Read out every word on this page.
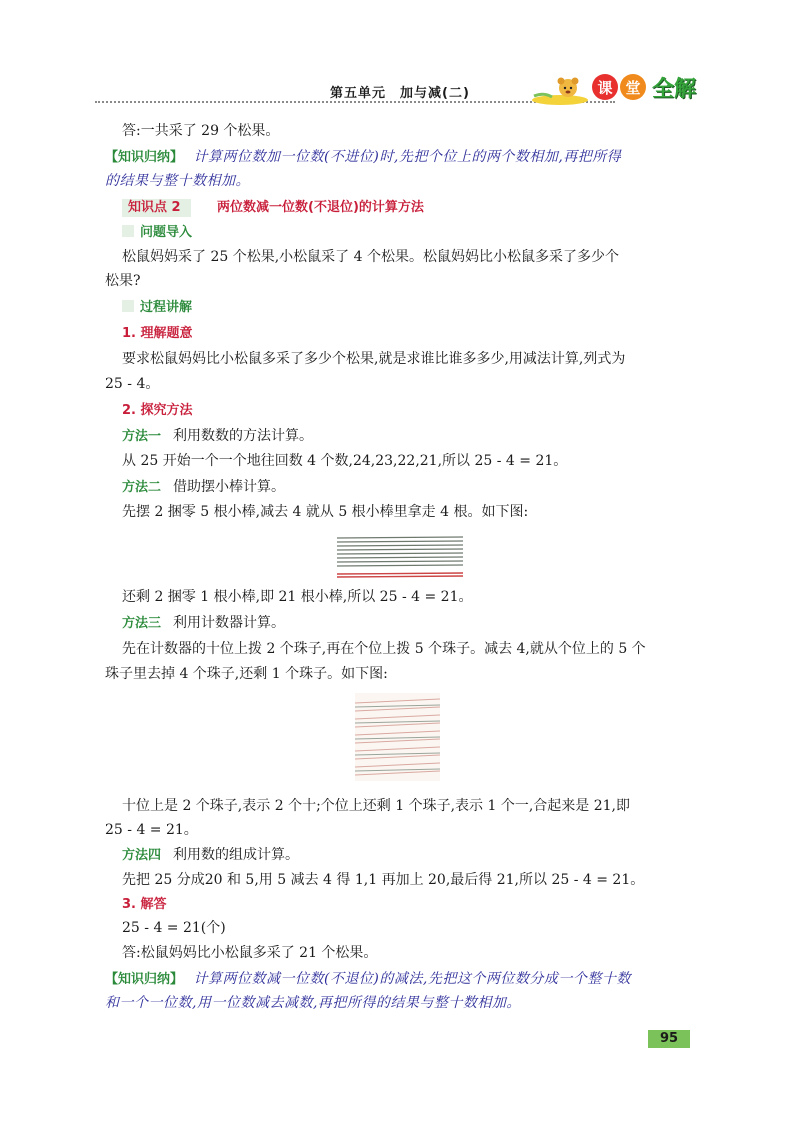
第五单元　加与减(二)	课 堂 全解
答:一共采了 29 个松果。
【知识归纳】 计算两位数加一位数(不进位)时,先把个位上的两个数相加,再把所得
的结果与整十数相加。
知识点 2	两位数减一位数(不退位)的计算方法
问题导入
松鼠妈妈采了 25 个松果,小松鼠采了 4 个松果。松鼠妈妈比小松鼠多采了多少个
松果?
过程讲解
1. 理解题意
要求松鼠妈妈比小松鼠多采了多少个松果,就是求谁比谁多多少,用减法计算,列式为
25 - 4。
2. 探究方法
方法一 利用数数的方法计算。
从 25 开始一个一个地往回数 4 个数,24,23,22,21,所以 25 - 4 = 21。
方法二 借助摆小棒计算。
先摆 2 捆零 5 根小棒,减去 4 就从 5 根小棒里拿走 4 根。如下图:
还剩 2 捆零 1 根小棒,即 21 根小棒,所以 25 - 4 = 21。
方法三 利用计数器计算。
先在计数器的十位上拨 2 个珠子,再在个位上拨 5 个珠子。减去 4,就从个位上的 5 个
珠子里去掉 4 个珠子,还剩 1 个珠子。如下图:
十位上是 2 个珠子,表示 2 个十;个位上还剩 1 个珠子,表示 1 个一,合起来是 21,即
25 - 4 = 21。
方法四 利用数的组成计算。
先把 25 分成20 和 5,用 5 减去 4 得 1,1 再加上 20,最后得 21,所以 25 - 4 = 21。
3. 解答
25 - 4 = 21(个)
答:松鼠妈妈比小松鼠多采了 21 个松果。
【知识归纳】 计算两位数减一位数(不退位)的减法,先把这个两位数分成一个整十数
和一个一位数,用一位数减去减数,再把所得的结果与整十数相加。
95
